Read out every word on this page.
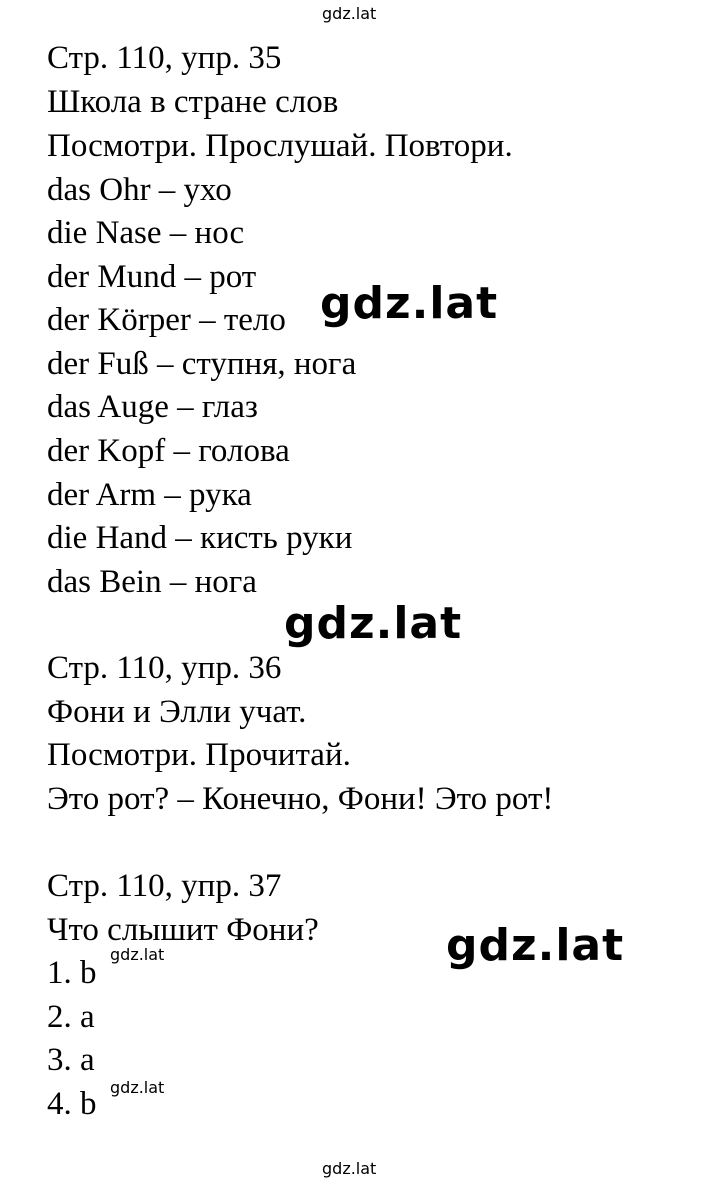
gdz.lat

Стр. 110, упр. 35

Школа в стране слов

Посмотри. Прослушай. Повтори.

das Ohr – ухо

die Nase – нос

der Mund – рот

der Körper – тело

der Fuß – ступня, нога

das Auge – глаз

der Kopf – голова

der Arm – рука

die Hand – кисть руки

das Bein – нога

gdz.lat
gdz.lat

Стр. 110, упр. 36

Фони и Элли учат.

Посмотри. Прочитай.

Это рот? – Конечно, Фони! Это рот!

Стр. 110, упр. 37

Что слышит Фони?

1. b

2. a

3. a

4. b

gdz.lat
gdz.lat
gdz.lat
gdz.lat
